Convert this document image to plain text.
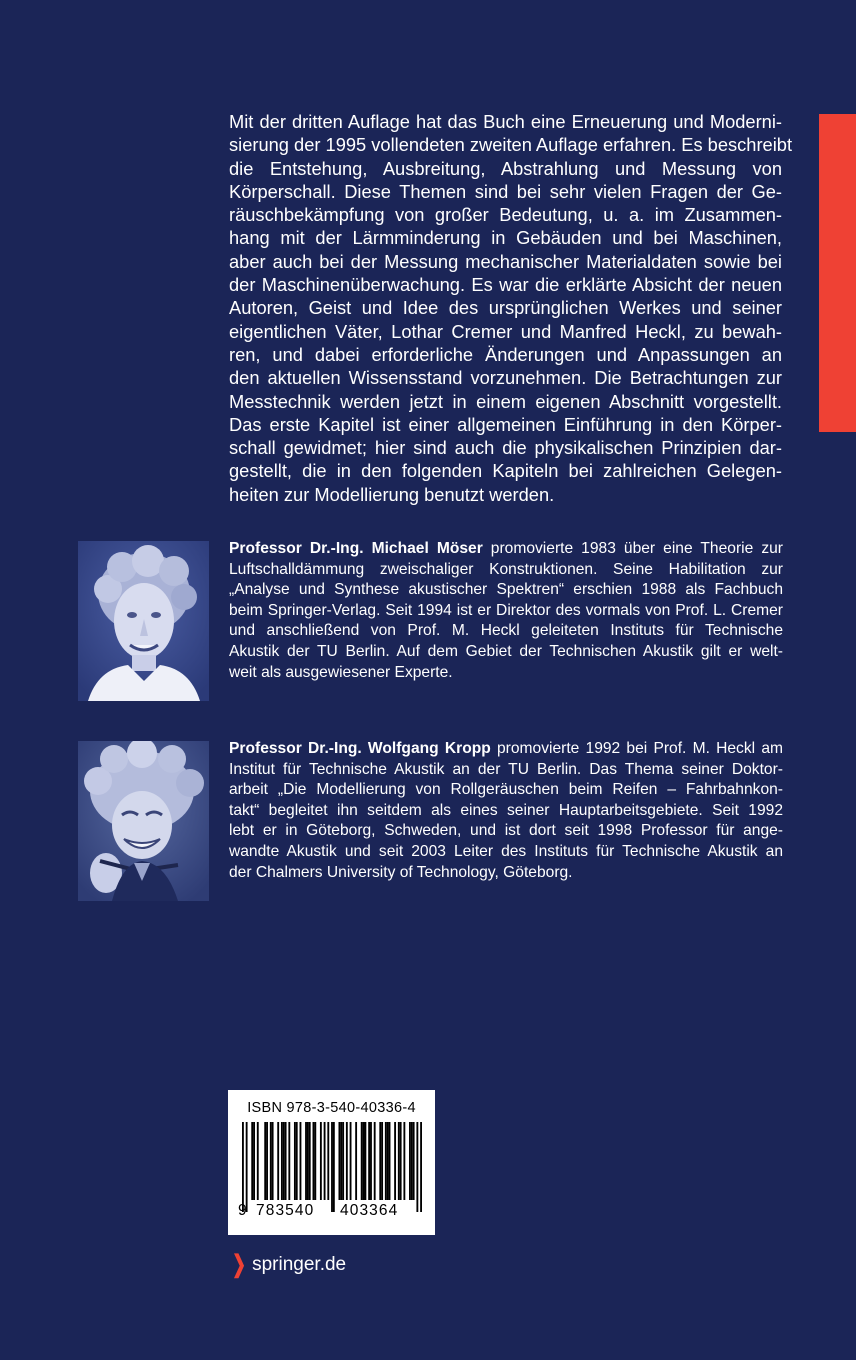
Mit der dritten Auflage hat das Buch eine Erneuerung und Moderni-
sierung der 1995 vollendeten zweiten Auflage erfahren. Es beschreibt
die Entstehung, Ausbreitung, Abstrahlung und Messung von
Körperschall. Diese Themen sind bei sehr vielen Fragen der Ge-
räuschbekämpfung von großer Bedeutung, u. a. im Zusammen-
hang mit der Lärmminderung in Gebäuden und bei Maschinen,
aber auch bei der Messung mechanischer Materialdaten sowie bei
der Maschinenüberwachung. Es war die erklärte Absicht der neuen
Autoren, Geist und Idee des ursprünglichen Werkes und seiner
eigentlichen Väter, Lothar Cremer und Manfred Heckl, zu bewah-
ren, und dabei erforderliche Änderungen und Anpassungen an
den aktuellen Wissensstand vorzunehmen. Die Betrachtungen zur
Messtechnik werden jetzt in einem eigenen Abschnitt vorgestellt.
Das erste Kapitel ist einer allgemeinen Einführung in den Körper-
schall gewidmet; hier sind auch die physikalischen Prinzipien dar-
gestellt, die in den folgenden Kapiteln bei zahlreichen Gelegen-
heiten zur Modellierung benutzt werden.
Professor Dr.-Ing. Michael Möser promovierte 1983 über eine Theorie zur
Luftschalldämmung zweischaliger Konstruktionen. Seine Habilitation zur
„Analyse und Synthese akustischer Spektren“ erschien 1988 als Fachbuch
beim Springer-Verlag. Seit 1994 ist er Direktor des vormals von Prof. L. Cremer
und anschließend von Prof. M. Heckl geleiteten Instituts für Technische
Akustik der TU Berlin. Auf dem Gebiet der Technischen Akustik gilt er welt-
weit als ausgewiesener Experte.
Professor Dr.-Ing. Wolfgang Kropp promovierte 1992 bei Prof. M. Heckl am
Institut für Technische Akustik an der TU Berlin. Das Thema seiner Doktor-
arbeit „Die Modellierung von Rollgeräuschen beim Reifen – Fahrbahnkon-
takt“ begleitet ihn seitdem als eines seiner Hauptarbeitsgebiete. Seit 1992
lebt er in Göteborg, Schweden, und ist dort seit 1998 Professor für ange-
wandte Akustik und seit 2003 Leiter des Instituts für Technische Akustik an
der Chalmers University of Technology, Göteborg.
ISBN 978-3-540-40336-4
9 783540 403364
❯ springer.de
